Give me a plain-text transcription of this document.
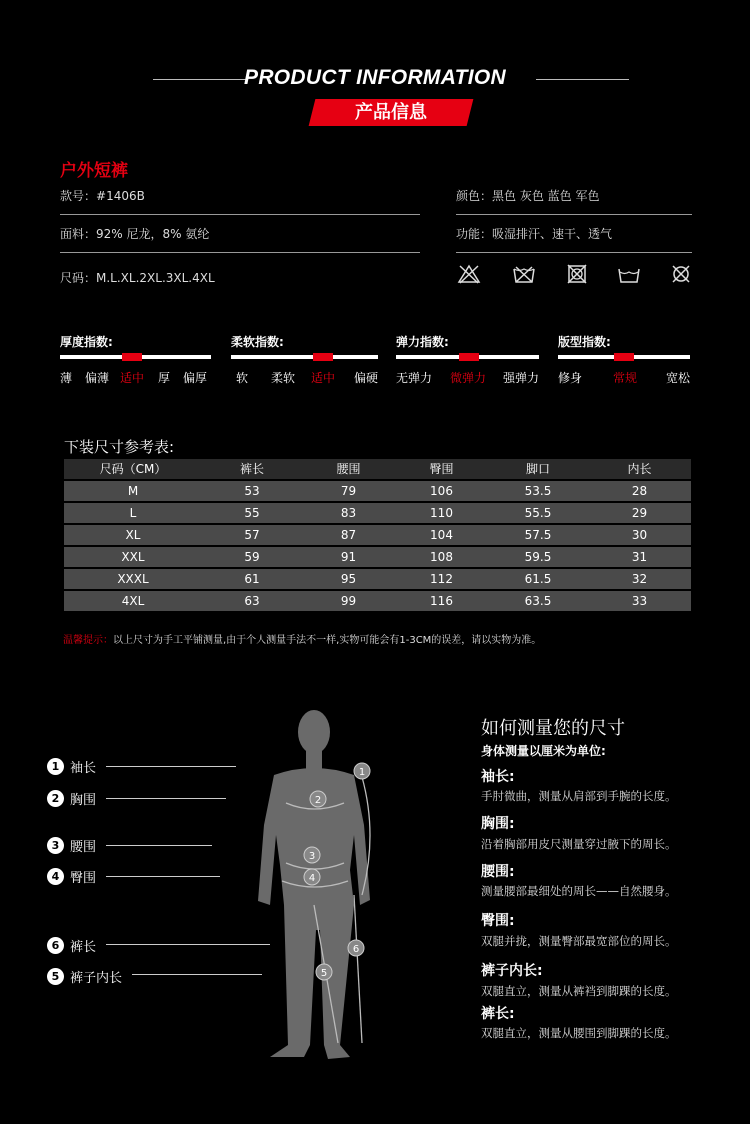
PRODUCT INFORMATION
产品信息
户外短裤
款号：#1406B	颜色：黑色 灰色 蓝色 军色
面料：92% 尼龙，8% 氨纶	功能：吸湿排汗、速干、透气
尺码：M.L.XL.2XL.3XL.4XL
厚度指数:
薄 偏薄 适中 厚 偏厚
柔软指数:
软 柔软 适中 偏硬
弹力指数:
无弹力 微弹力 强弹力
版型指数:
修身	常规 宽松
下装尺寸参考表:
尺码（CM）	裤长	腰围	臀围	脚口	内长
M	53	79	106	53.5	28
L	55	83	110	55.5	29
XL	57	87	104	57.5	30
XXL	59	91	108	59.5	31
XXXL	61	95	112	61.5	32
4XL	63	99	116	63.5	33
温馨提示：以上尺寸为手工平铺测量,由于个人测量手法不一样,实物可能会有1-3CM的误差，请以实物为准。
1 袖长
2 胸围
3 腰围
4 臀围
6 裤长
5 裤子内长
1
2
3
4
6
5
如何测量您的尺寸
身体测量以厘米为单位:
袖长:
手肘微曲，测量从肩部到手腕的长度。
胸围:
沿着胸部用皮尺测量穿过腋下的周长。
腰围:
测量腰部最细处的周长——自然腰身。
臀围:
双腿并拢，测量臀部最宽部位的周长。
裤子内长:
双腿直立，测量从裤裆到脚踝的长度。
裤长:
双腿直立，测量从腰围到脚踝的长度。
